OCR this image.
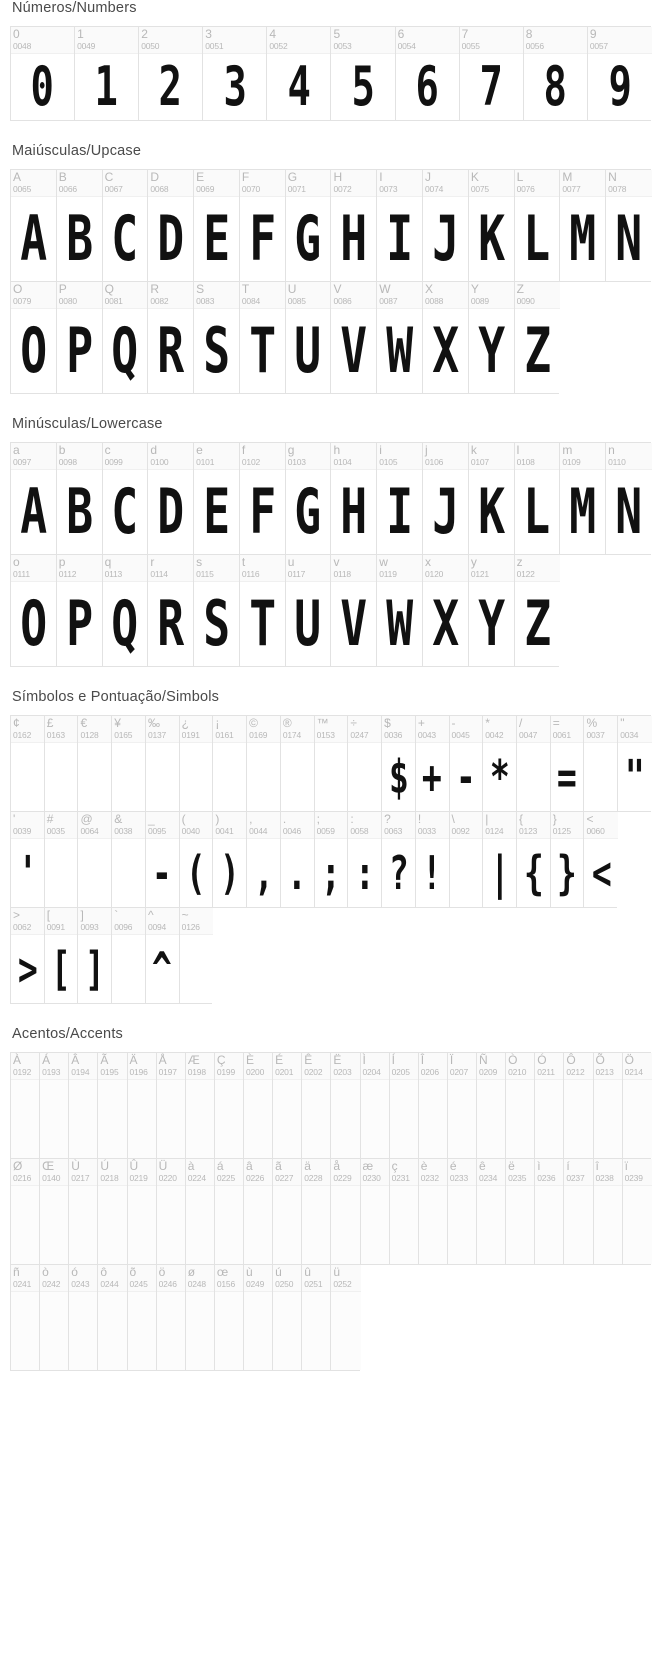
Números/Numbers
0
0048
0
1
0049
1
2
0050
2
3
0051
3
4
0052
4
5
0053
5
6
0054
6
7
0055
7
8
0056
8
9
0057
9
Maiúsculas/Upcase
A
0065
A
B
0066
B
C
0067
C
D
0068
D
E
0069
E
F
0070
F
G
0071
G
H
0072
H
I
0073
I
J
0074
J
K
0075
K
L
0076
L
M
0077
M
N
0078
N
O
0079
O
P
0080
P
Q
0081
Q
R
0082
R
S
0083
S
T
0084
T
U
0085
U
V
0086
V
W
0087
W
X
0088
X
Y
0089
Y
Z
0090
Z
Minúsculas/Lowercase
a
0097
A
b
0098
B
c
0099
C
d
0100
D
e
0101
E
f
0102
F
g
0103
G
h
0104
H
i
0105
I
j
0106
J
k
0107
K
l
0108
L
m
0109
M
n
0110
N
o
0111
O
p
0112
P
q
0113
Q
r
0114
R
s
0115
S
t
0116
T
u
0117
U
v
0118
V
w
0119
W
x
0120
X
y
0121
Y
z
0122
Z
Símbolos e Pontuação/Simbols
¢
0162
£
0163
€
0128
¥
0165
‰
0137
¿
0191
¡
0161
©
0169
®
0174
™
0153
÷
0247
$
0036
$
+
0043
+
-
0045
-
*
0042
*
/
0047
=
0061
=
%
0037
"
0034
"
'
0039
'
#
0035
@
0064
&
0038
_
0095
-
(
0040
(
)
0041
)
,
0044
,
.
0046
.
;
0059
;
:
0058
:
?
0063
?
!
0033
!
\
0092
|
0124
|
{
0123
{
}
0125
}
<
0060
<
>
0062
>
[
0091
[
]
0093
]
`
0096
^
0094
^
~
0126
Acentos/Accents
À
0192
Á
0193
Â
0194
Ã
0195
Ä
0196
Å
0197
Æ
0198
Ç
0199
È
0200
É
0201
Ê
0202
Ë
0203
Ì
0204
Í
0205
Î
0206
Ï
0207
Ñ
0209
Ò
0210
Ó
0211
Ô
0212
Õ
0213
Ö
0214
Ø
0216
Œ
0140
Ù
0217
Ú
0218
Û
0219
Ü
0220
à
0224
á
0225
â
0226
ã
0227
ä
0228
å
0229
æ
0230
ç
0231
è
0232
é
0233
ê
0234
ë
0235
ì
0236
í
0237
î
0238
ï
0239
ñ
0241
ò
0242
ó
0243
ô
0244
õ
0245
ö
0246
ø
0248
œ
0156
ù
0249
ú
0250
û
0251
ü
0252
